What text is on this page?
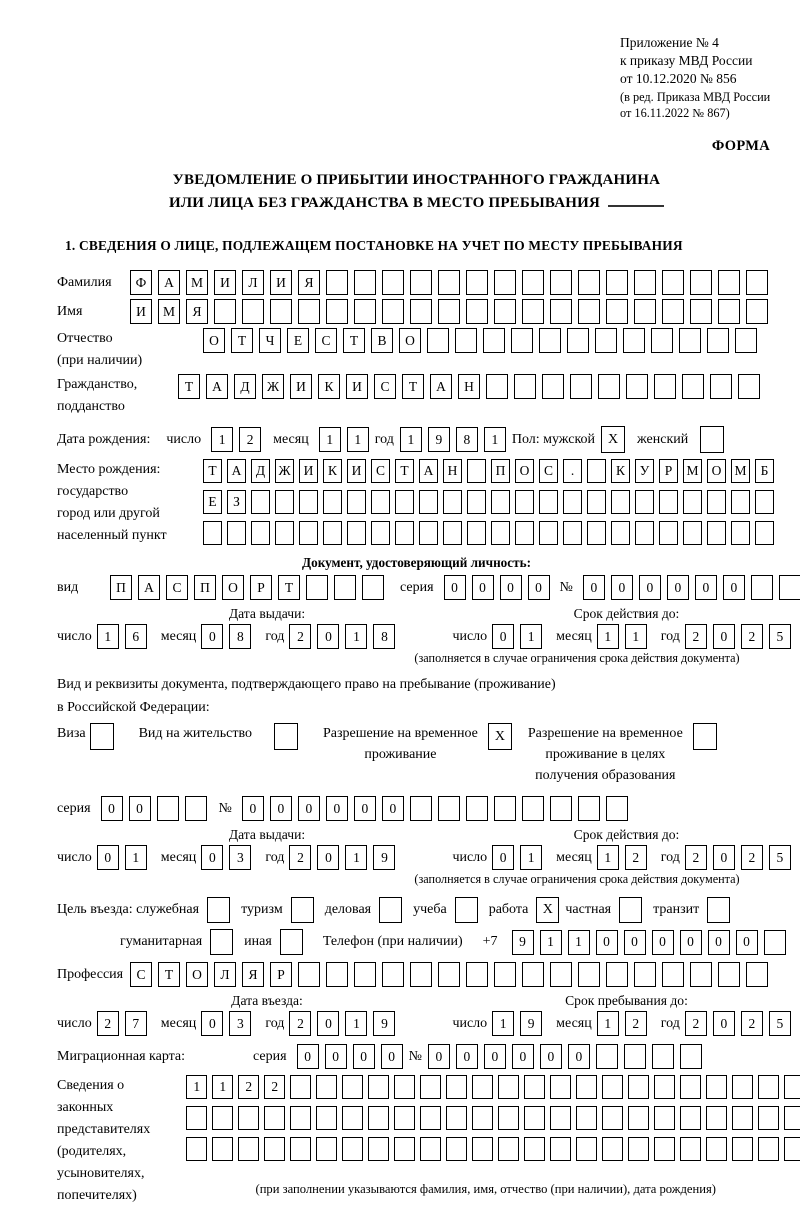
Приложение № 4
к приказу МВД России
от 10.12.2020 № 856
(в ред. Приказа МВД России
от 16.11.2022 № 867)
ФОРМА
УВЕДОМЛЕНИЕ О ПРИБЫТИИ ИНОСТРАННОГО ГРАЖДАНИНА
ИЛИ ЛИЦА БЕЗ ГРАЖДАНСТВА В МЕСТО ПРЕБЫВАНИЯ
1. СВЕДЕНИЯ О ЛИЦЕ, ПОДЛЕЖАЩЕМ ПОСТАНОВКЕ НА УЧЕТ ПО МЕСТУ ПРЕБЫВАНИЯ
Фамилия	Ф	А	М	И	Л	И	Я
Имя	И	М	Я
Отчество
(при наличии)
О	Т	Ч	Е	С	Т	В	О
Гражданство,
подданство
Т	А	Д	Ж	И	К	И	С	Т	А	Н
Дата рождения: число	1	2	месяц	1	1 год	1	9	8	1 Пол: мужской X	женский
Место рождения:
государство
город или другой
населенный пункт
Т	А	Д Ж И	К	И	С	Т	А	Н	П	О	С	.	К	У	Р	М О М	Б
Е	З
Документ, удостоверяющий личность:
вид	П	А	С	П	О	Р	Т	серия	0	0	0	0	№	0	0	0	0	0	0
Дата выдачи:	Срок действия до:
число 1	6	месяц 0	8	год 2	0	1	8	число 0	1	месяц 1	1	год 2	0	2	5
(заполняется в случае ограничения срока действия документа)
Вид и реквизиты документа, подтверждающего право на пребывание (проживание)
в Российской Федерации:
Виза	Вид на жительство	Разрешение на временное
проживание
X	Разрешение на временное
проживание в целях
получения образования
серия	0	0	№	0	0	0	0	0	0
Дата выдачи:	Срок действия до:
число 0	1	месяц 0	3	год 2	0	1	9	число 0	1	месяц 1	2	год 2	0	2	5
(заполняется в случае ограничения срока действия документа)
Цель въезда: служебная	туризм	деловая	учеба	работа	X частная	транзит
гуманитарная	иная	Телефон (при наличии) +7	9	1	1	0	0	0	0	0	0
Профессия С	Т	О	Л	Я	Р
Дата въезда:	Срок пребывания до:
число 2	7	месяц 0	3	год 2	0	1	9	число 1	9	месяц 1	2	год 2	0	2	5
Миграционная карта:	серия	0	0	0	0 №	0	0	0	0	0	0
Сведения о
законных
представителях
(родителях,
усыновителях,
попечителях)
1	1	2	2
(при заполнении указываются фамилия, имя, отчество (при наличии), дата рождения)
